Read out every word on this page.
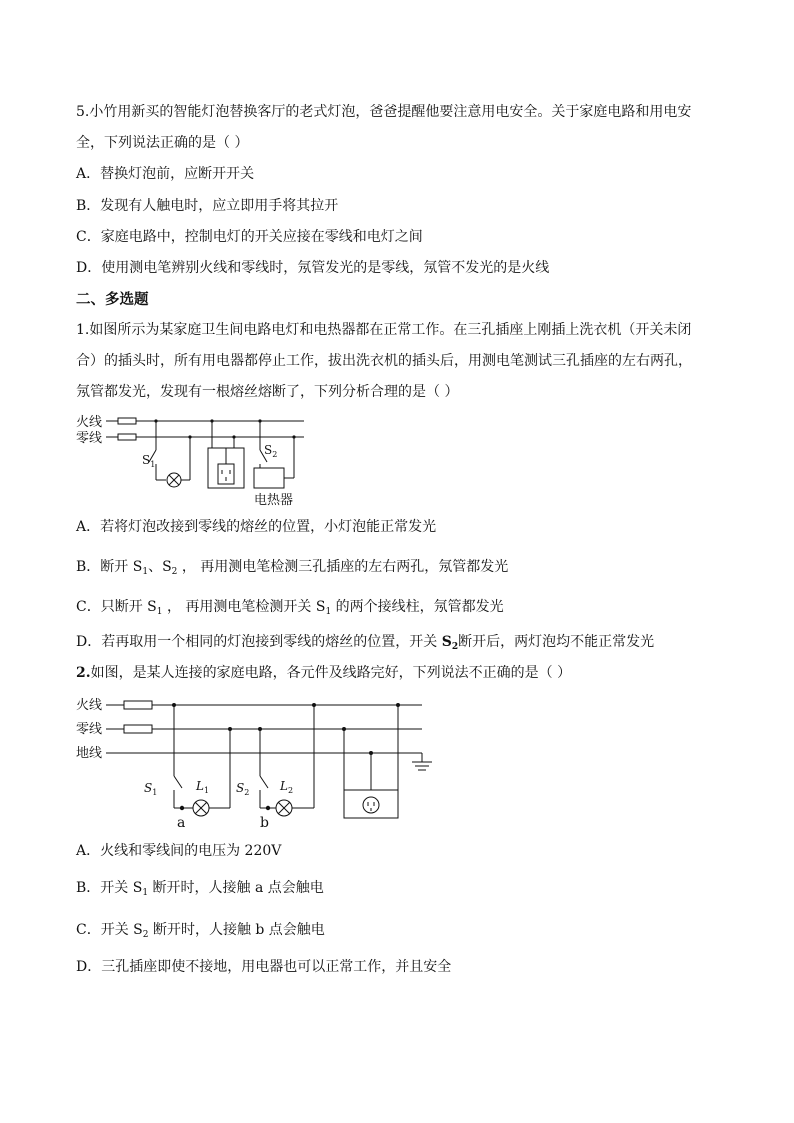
5.小竹用新买的智能灯泡替换客厅的老式灯泡，爸爸提醒他要注意用电安全。关于家庭电路和用电安
全，下列说法正确的是（ ）
A．替换灯泡前，应断开开关
B．发现有人触电时，应立即用手将其拉开
C．家庭电路中，控制电灯的开关应接在零线和电灯之间
D．使用测电笔辨别火线和零线时，氖管发光的是零线，氖管不发光的是火线
二、多选题
1.如图所示为某家庭卫生间电路电灯和电热器都在正常工作。在三孔插座上刚插上洗衣机（开关未闭
合）的插头时，所有用电器都停止工作，拔出洗衣机的插头后，用测电笔测试三孔插座的左右两孔，
氖管都发光，发现有一根熔丝熔断了，下列分析合理的是（ ）
火线
零线
$S_1$
$S_2$
电热器
A．若将灯泡改接到零线的熔丝的位置，小灯泡能正常发光
B．断开 $S_1$、$S_2$ ， 再用测电笔检测三孔插座的左右两孔，氖管都发光
C．只断开 $S_1$ ， 再用测电笔检测开关 $S_1$ 的两个接线柱，氖管都发光
D．若再取用一个相同的灯泡接到零线的熔丝的位置，开关 $S_2$断开后，两灯泡均不能正常发光
2.如图，是某人连接的家庭电路，各元件及线路完好，下列说法不正确的是（ ）
火线
零线
地线
$S_1$	$L_1$
a
$S_2$	$L_2$
b
A．火线和零线间的电压为 220V
B．开关 $S_1$ 断开时，人接触 a 点会触电
C．开关 $S_2$ 断开时，人接触 b 点会触电
D．三孔插座即使不接地，用电器也可以正常工作，并且安全
